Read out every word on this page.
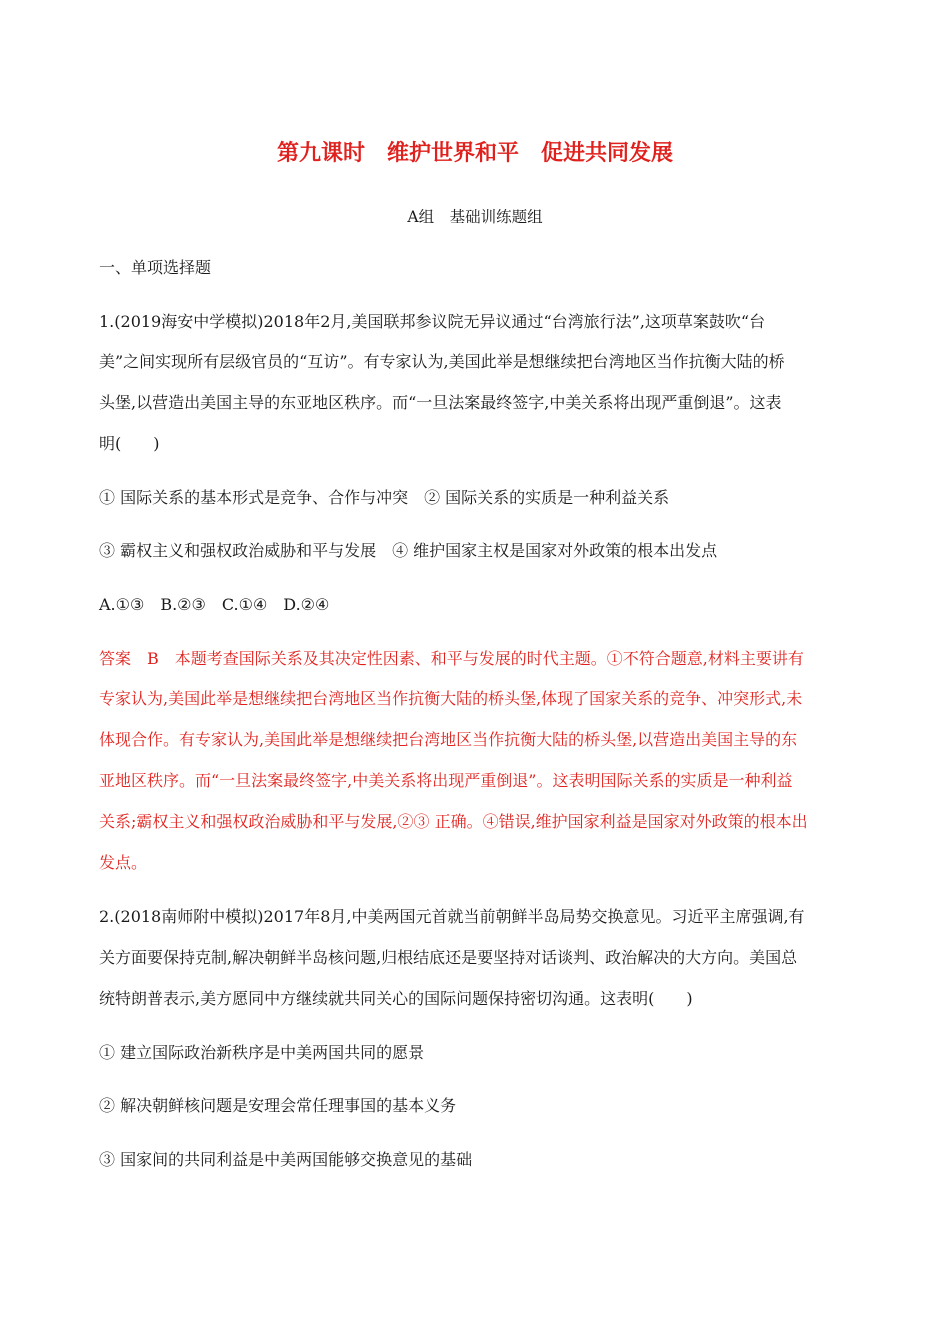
第九课时　维护世界和平　促进共同发展
A组　基础训练题组
一、单项选择题
1.(2019海安中学模拟)2018年2月,美国联邦参议院无异议通过“台湾旅行法”,这项草案鼓吹“台
美”之间实现所有层级官员的“互访”。有专家认为,美国此举是想继续把台湾地区当作抗衡大陆的桥
头堡,以营造出美国主导的东亚地区秩序。而“一旦法案最终签字,中美关系将出现严重倒退”。这表
明(　　)
① 国际关系的基本形式是竞争、合作与冲突　② 国际关系的实质是一种利益关系
③ 霸权主义和强权政治威胁和平与发展　④ 维护国家主权是国家对外政策的根本出发点
A.①③　B.②③　C.①④　D.②④
答案　B　本题考查国际关系及其决定性因素、和平与发展的时代主题。①不符合题意,材料主要讲有
专家认为,美国此举是想继续把台湾地区当作抗衡大陆的桥头堡,体现了国家关系的竞争、冲突形式,未
体现合作。有专家认为,美国此举是想继续把台湾地区当作抗衡大陆的桥头堡,以营造出美国主导的东
亚地区秩序。而“一旦法案最终签字,中美关系将出现严重倒退”。这表明国际关系的实质是一种利益
关系;霸权主义和强权政治威胁和平与发展,②③ 正确。④错误,维护国家利益是国家对外政策的根本出
发点。
2.(2018南师附中模拟)2017年8月,中美两国元首就当前朝鲜半岛局势交换意见。习近平主席强调,有
关方面要保持克制,解决朝鲜半岛核问题,归根结底还是要坚持对话谈判、政治解决的大方向。美国总
统特朗普表示,美方愿同中方继续就共同关心的国际问题保持密切沟通。这表明(　　)
① 建立国际政治新秩序是中美两国共同的愿景
② 解决朝鲜核问题是安理会常任理事国的基本义务
③ 国家间的共同利益是中美两国能够交换意见的基础
